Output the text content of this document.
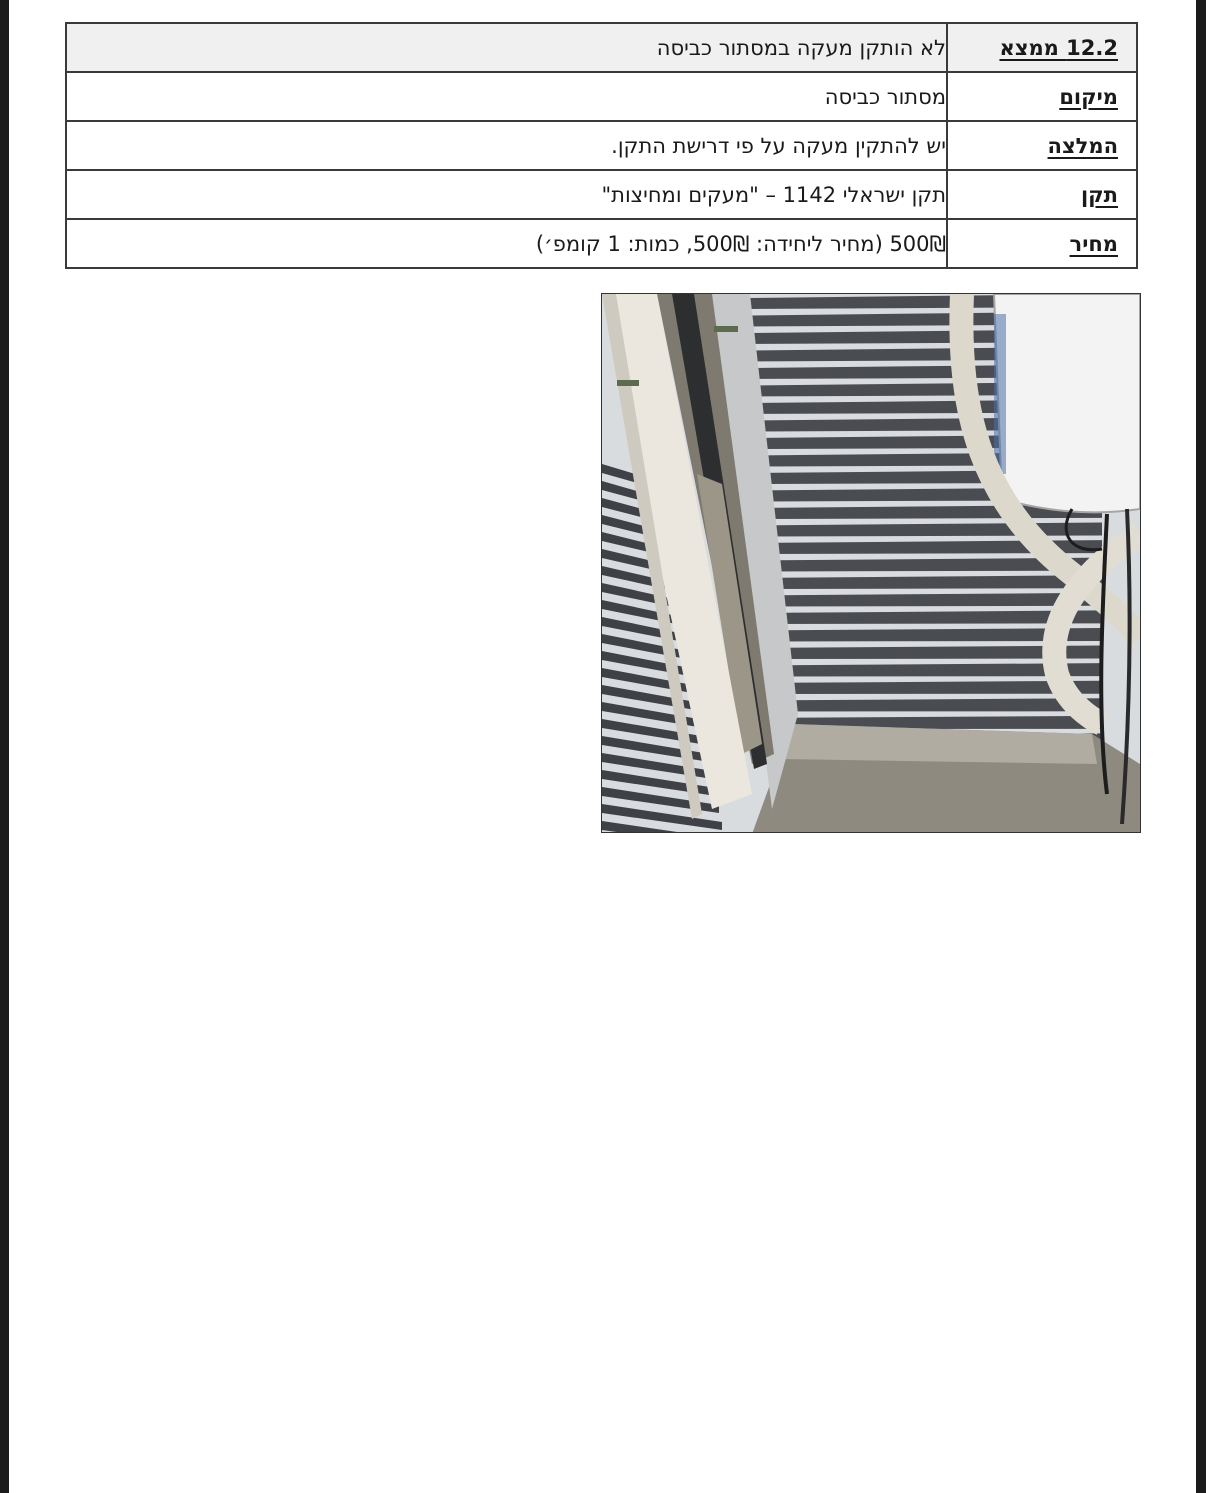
12.2 ממצא	לא הותקן מעקה במסתור כביסה
מיקום	מסתור כביסה
המלצה	יש להתקין מעקה על פי דרישת התקן.
תקן	תקן ישראלי 1142 – "מעקים ומחיצות"
מחיר	500₪ (מחיר ליחידה: 500₪, כמות: 1 קומפ׳)
